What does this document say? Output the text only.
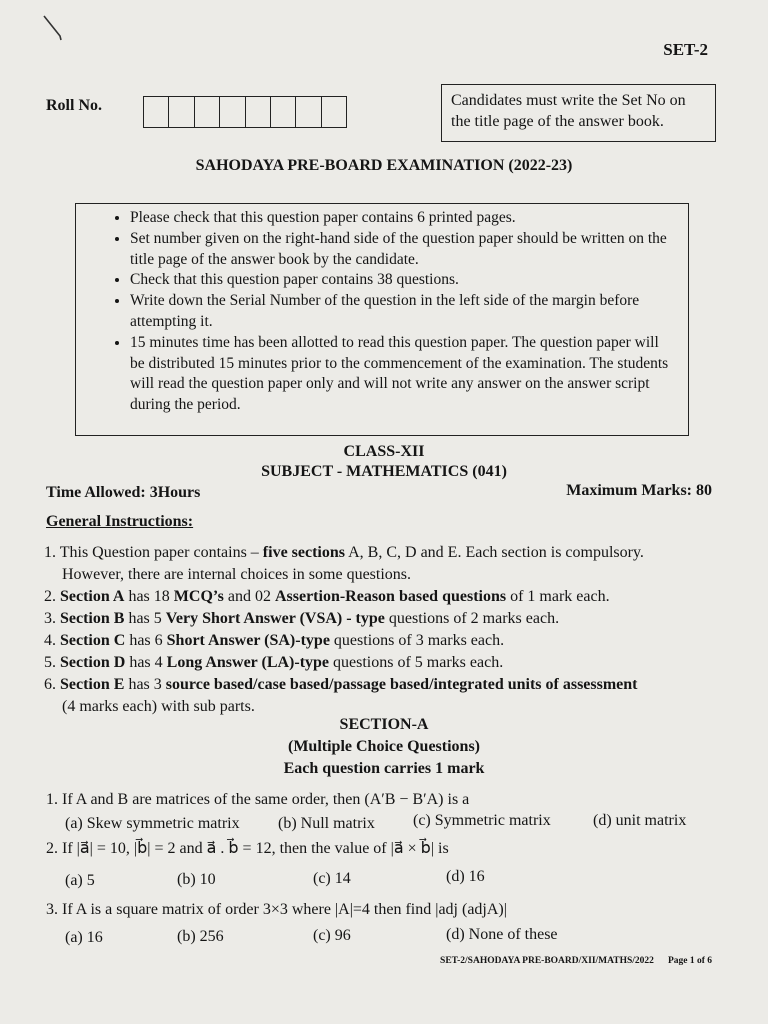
SET-2
Roll No.	Candidates must write the Set No on the title page of the answer book.
SAHODAYA PRE-BOARD EXAMINATION (2022-23)
• Please check that this question paper contains 6 printed pages.
• Set number given on the right-hand side of the question paper should be written on the title page of the answer book by the candidate.
• Check that this question paper contains 38 questions.
• Write down the Serial Number of the question in the left side of the margin before attempting it.
• 15 minutes time has been allotted to read this question paper. The question paper will be distributed 15 minutes prior to the commencement of the examination. The students will read the question paper only and will not write any answer on the answer script during the period.
CLASS-XII
SUBJECT - MATHEMATICS (041)
Time Allowed: 3Hours	Maximum Marks: 80
General Instructions:
1. This Question paper contains – five sections A, B, C, D and E. Each section is compulsory.
However, there are internal choices in some questions.
2. Section A has 18 MCQ’s and 02 Assertion-Reason based questions of 1 mark each.
3. Section B has 5 Very Short Answer (VSA) - type questions of 2 marks each.
4. Section C has 6 Short Answer (SA)-type questions of 3 marks each.
5. Section D has 4 Long Answer (LA)-type questions of 5 marks each.
6. Section E has 3 source based/case based/passage based/integrated units of assessment
(4 marks each) with sub parts.
SECTION-A
(Multiple Choice Questions)
Each question carries 1 mark
1. If A and B are matrices of the same order, then (A′B − B′A) is a
(a) Skew symmetric matrix (b) Null matrix (c) Symmetric matrix	(d) unit matrix
2. If |a⃗| = 10, |b⃗| = 2 and a⃗ . b⃗ = 12, then the value of |a⃗ × b⃗| is
(a) 5	(b) 10	(c) 14	(d) 16
3. If A is a square matrix of order 3×3 where |A|=4 then find |adj (adjA)|
(a) 16	(b) 256	(c) 96	(d) None of these
SET-2/SAHODAYA PRE-BOARD/XII/MATHS/2022 Page 1 of 6
